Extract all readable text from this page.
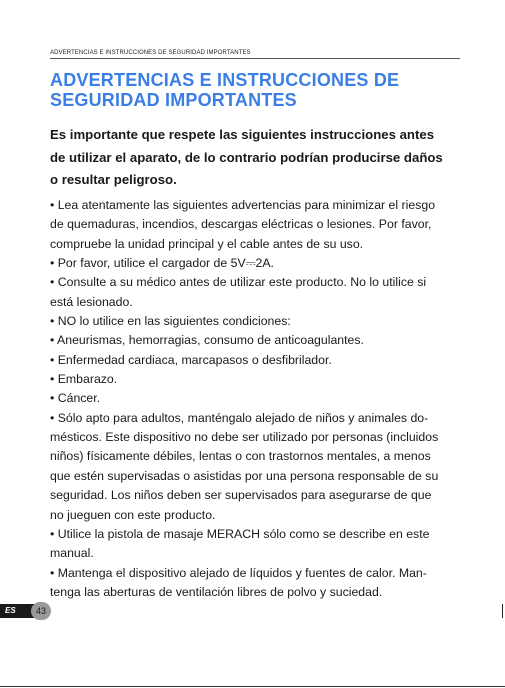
ADVERTENCIAS E INSTRUCCIONES DE SEGURIDAD IMPORTANTES
ADVERTENCIAS E INSTRUCCIONES DE
SEGURIDAD IMPORTANTES

Es importante que respete las siguientes instrucciones antes
de utilizar el aparato, de lo contrario podrían producirse daños
o resultar peligroso.

• Lea atentamente las siguientes advertencias para minimizar el riesgo
de quemaduras, incendios, descargas eléctricas o lesiones. Por favor,
compruebe la unidad principal y el cable antes de su uso.
• Por favor, utilice el cargador de 5V⎓2A.
• Consulte a su médico antes de utilizar este producto. No lo utilice si
está lesionado.
• NO lo utilice en las siguientes condiciones:
• Aneurismas, hemorragias, consumo de anticoagulantes.
• Enfermedad cardiaca, marcapasos o desfibrilador.
• Embarazo.
• Cáncer.
• Sólo apto para adultos, manténgalo alejado de niños y animales do-
mésticos. Este dispositivo no debe ser utilizado por personas (incluidos
niños) físicamente débiles, lentas o con trastornos mentales, a menos
que estén supervisadas o asistidas por una persona responsable de su
seguridad. Los niños deben ser supervisados para asegurarse de que
no jueguen con este producto.
• Utilice la pistola de masaje MERACH sólo como se describe en este
manual.
• Mantenga el dispositivo alejado de líquidos y fuentes de calor. Man-
tenga las aberturas de ventilación libres de polvo y suciedad.
ES	43
